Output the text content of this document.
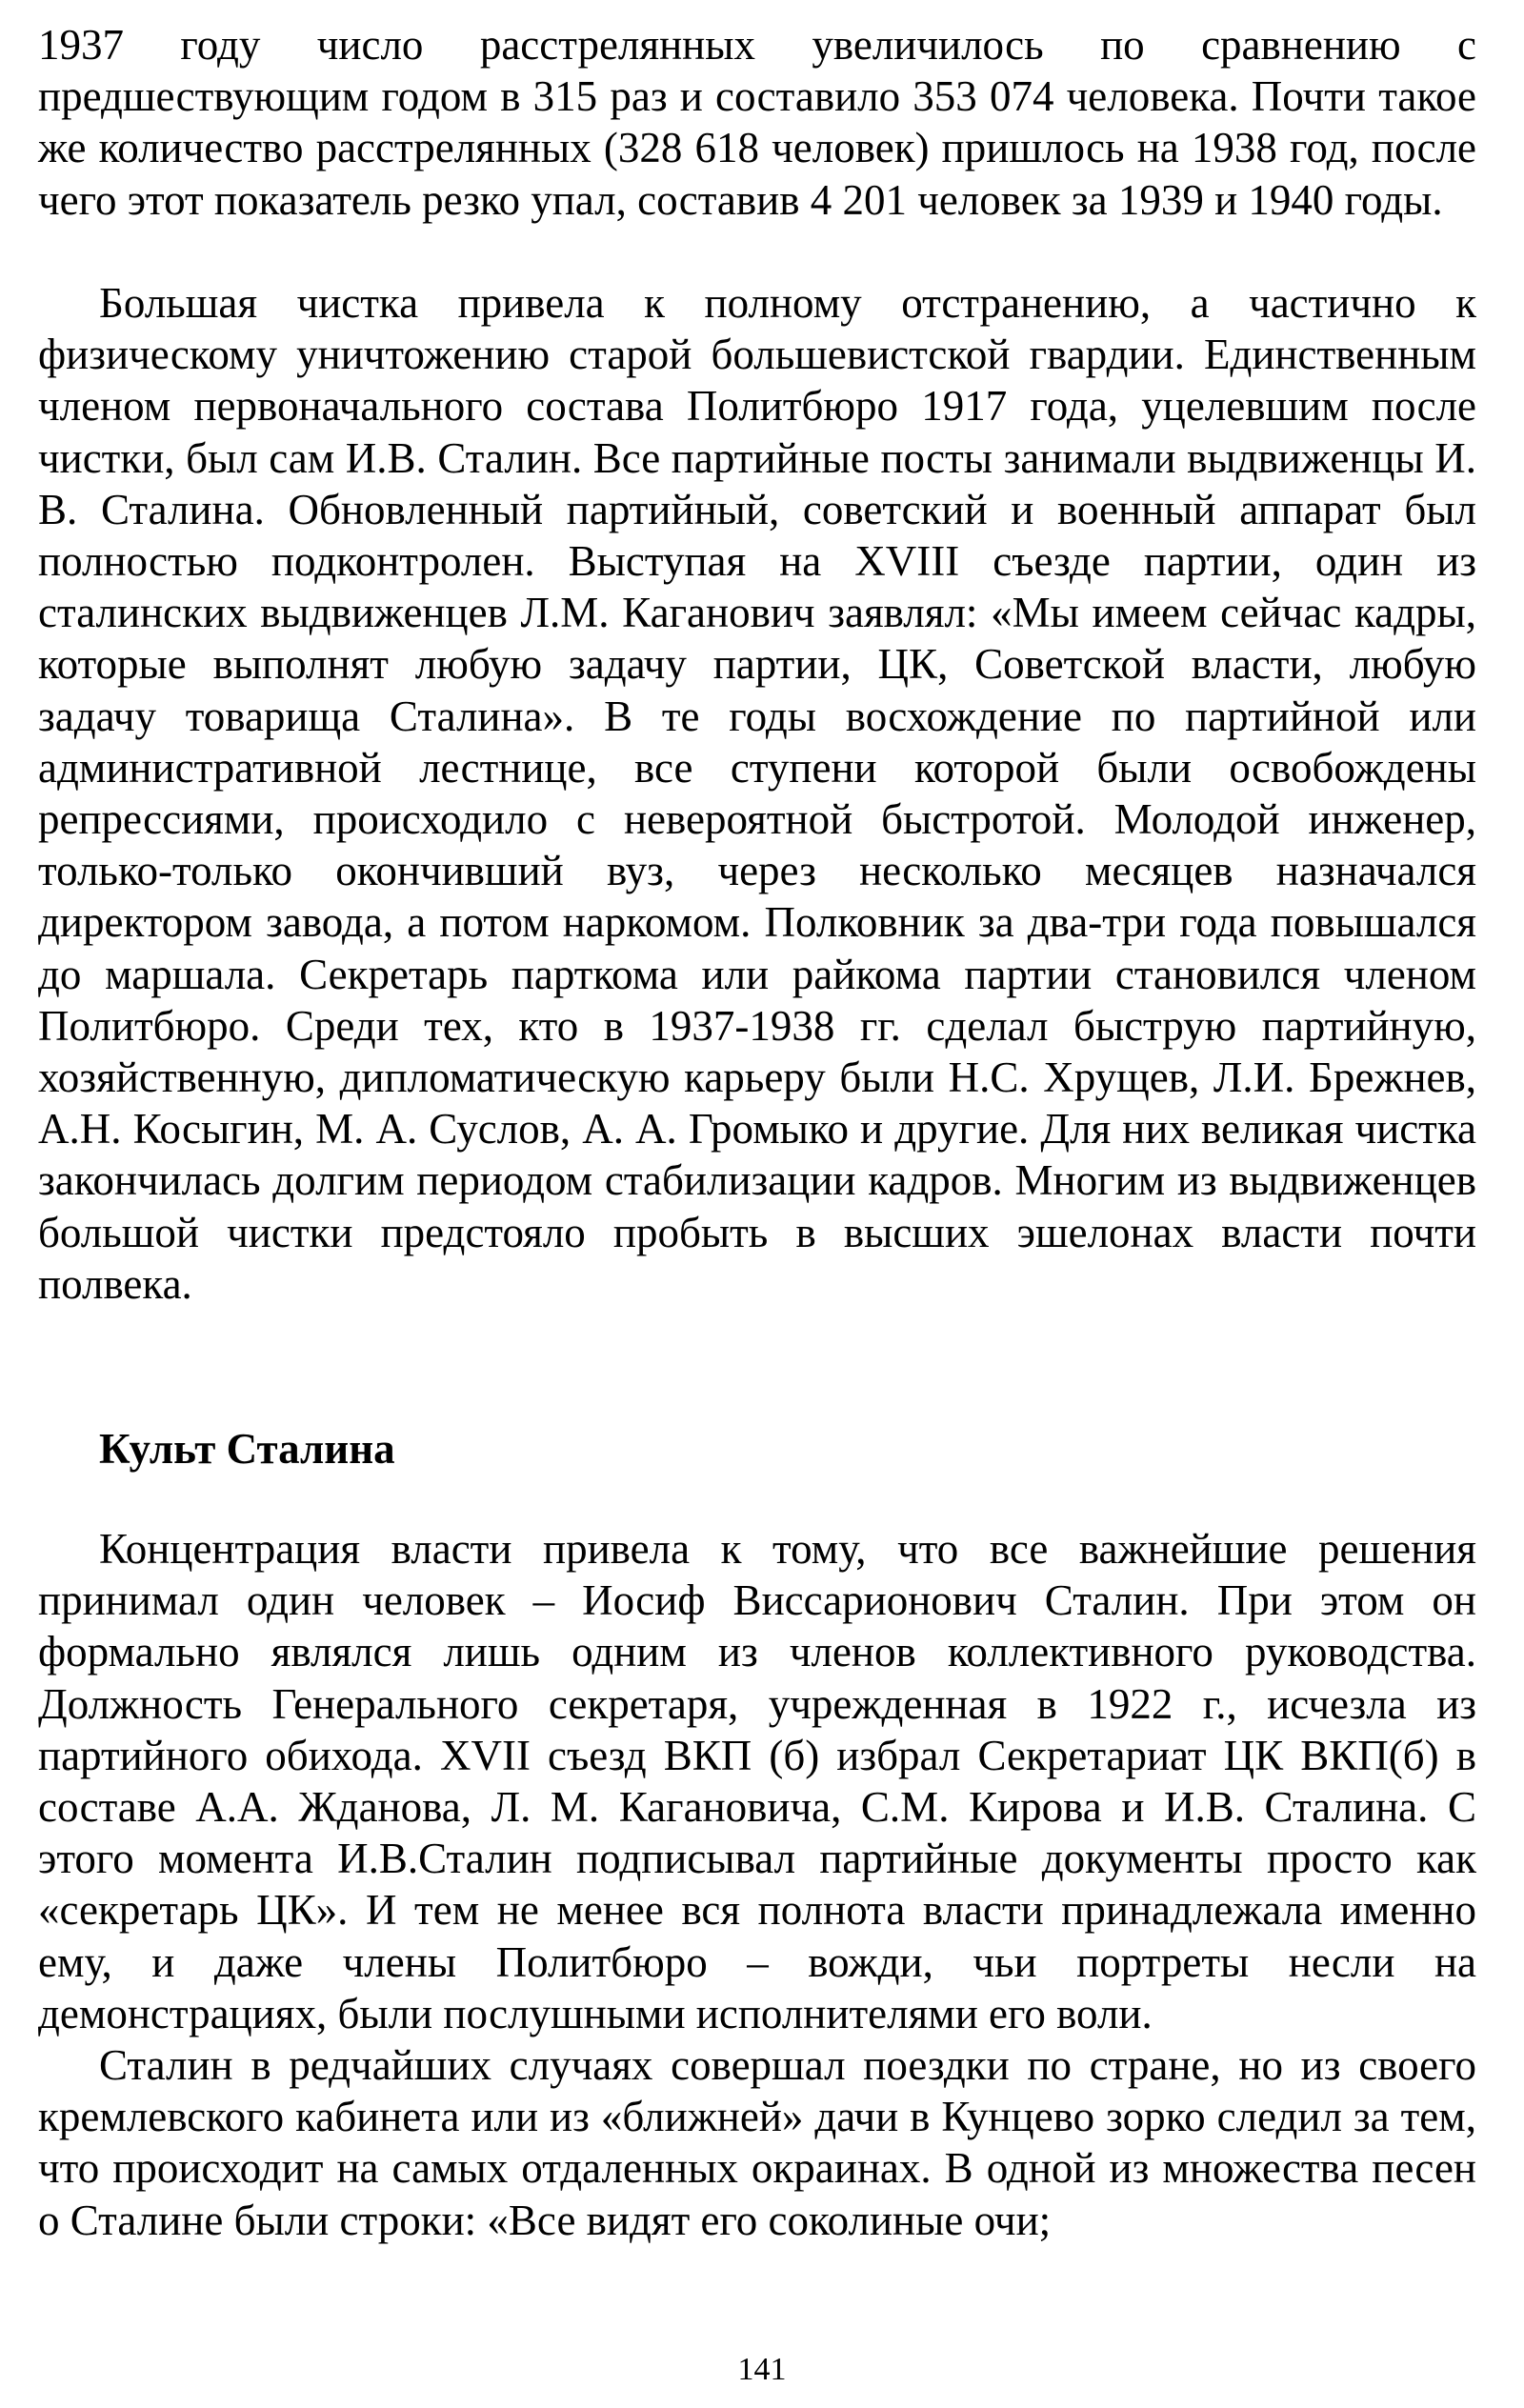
1937 году число расстрелянных увеличилось по сравнению с предшествующим годом в 315 раз и составило 353 074 человека. Почти такое же количество расстрелянных (328 618 человек) пришлось на 1938 год, после чего этот показатель резко упал, составив 4 201 человек за 1939 и 1940 годы.

Большая чистка привела к полному отстранению, а частично к физическому уничтожению старой большевистской гвардии. Единственным членом первоначального состава Политбюро 1917 года, уцелевшим после чистки, был сам И.В. Сталин. Все партийные посты занимали выдвиженцы И. В. Сталина. Обновленный партийный, советский и военный аппарат был полностью подконтролен. Выступая на XVIII съезде партии, один из сталинских выдвиженцев Л.М. Каганович заявлял: «Мы имеем сейчас кадры, которые выполнят любую задачу партии, ЦК, Советской власти, любую задачу товарища Сталина». В те годы восхождение по партийной или административной лестнице, все ступени которой были освобождены репрессиями, происходило с невероятной быстротой. Молодой инженер, только-только окончивший вуз, через несколько месяцев назначался директором завода, а потом наркомом. Полковник за два-три года повышался до маршала. Секретарь парткома или райкома партии становился членом Политбюро. Среди тех, кто в 1937-1938 гг. сделал быструю партийную, хозяйственную, дипломатическую карьеру были Н.С. Хрущев, Л.И. Брежнев, А.Н. Косыгин, М. А. Суслов, А. А. Громыко и другие. Для них великая чистка закончилась долгим периодом стабилизации кадров. Многим из выдвиженцев большой чистки предстояло пробыть в высших эшелонах власти почти полвека.

Культ Сталина

Концентрация власти привела к тому, что все важнейшие решения принимал один человек – Иосиф Виссарионович Сталин. При этом он формально являлся лишь одним из членов коллективного руководства. Должность Генерального секретаря, учрежденная в 1922 г., исчезла из партийного обихода. XVII съезд ВКП (б) избрал Секретариат ЦК ВКП(б) в составе А.А. Жданова, Л. М. Кагановича, С.М. Кирова и И.В. Сталина. С этого момента И.В.Сталин подписывал партийные документы просто как «секретарь ЦК». И тем не менее вся полнота власти принадлежала именно ему, и даже члены Политбюро – вожди, чьи портреты несли на демонстрациях, были послушными исполнителями его воли.

Сталин в редчайших случаях совершал поездки по стране, но из своего кремлевского кабинета или из «ближней» дачи в Кунцево зорко следил за тем, что происходит на самых отдаленных окраинах. В одной из множества песен о Сталине были строки: «Все видят его соколиные очи;

141
